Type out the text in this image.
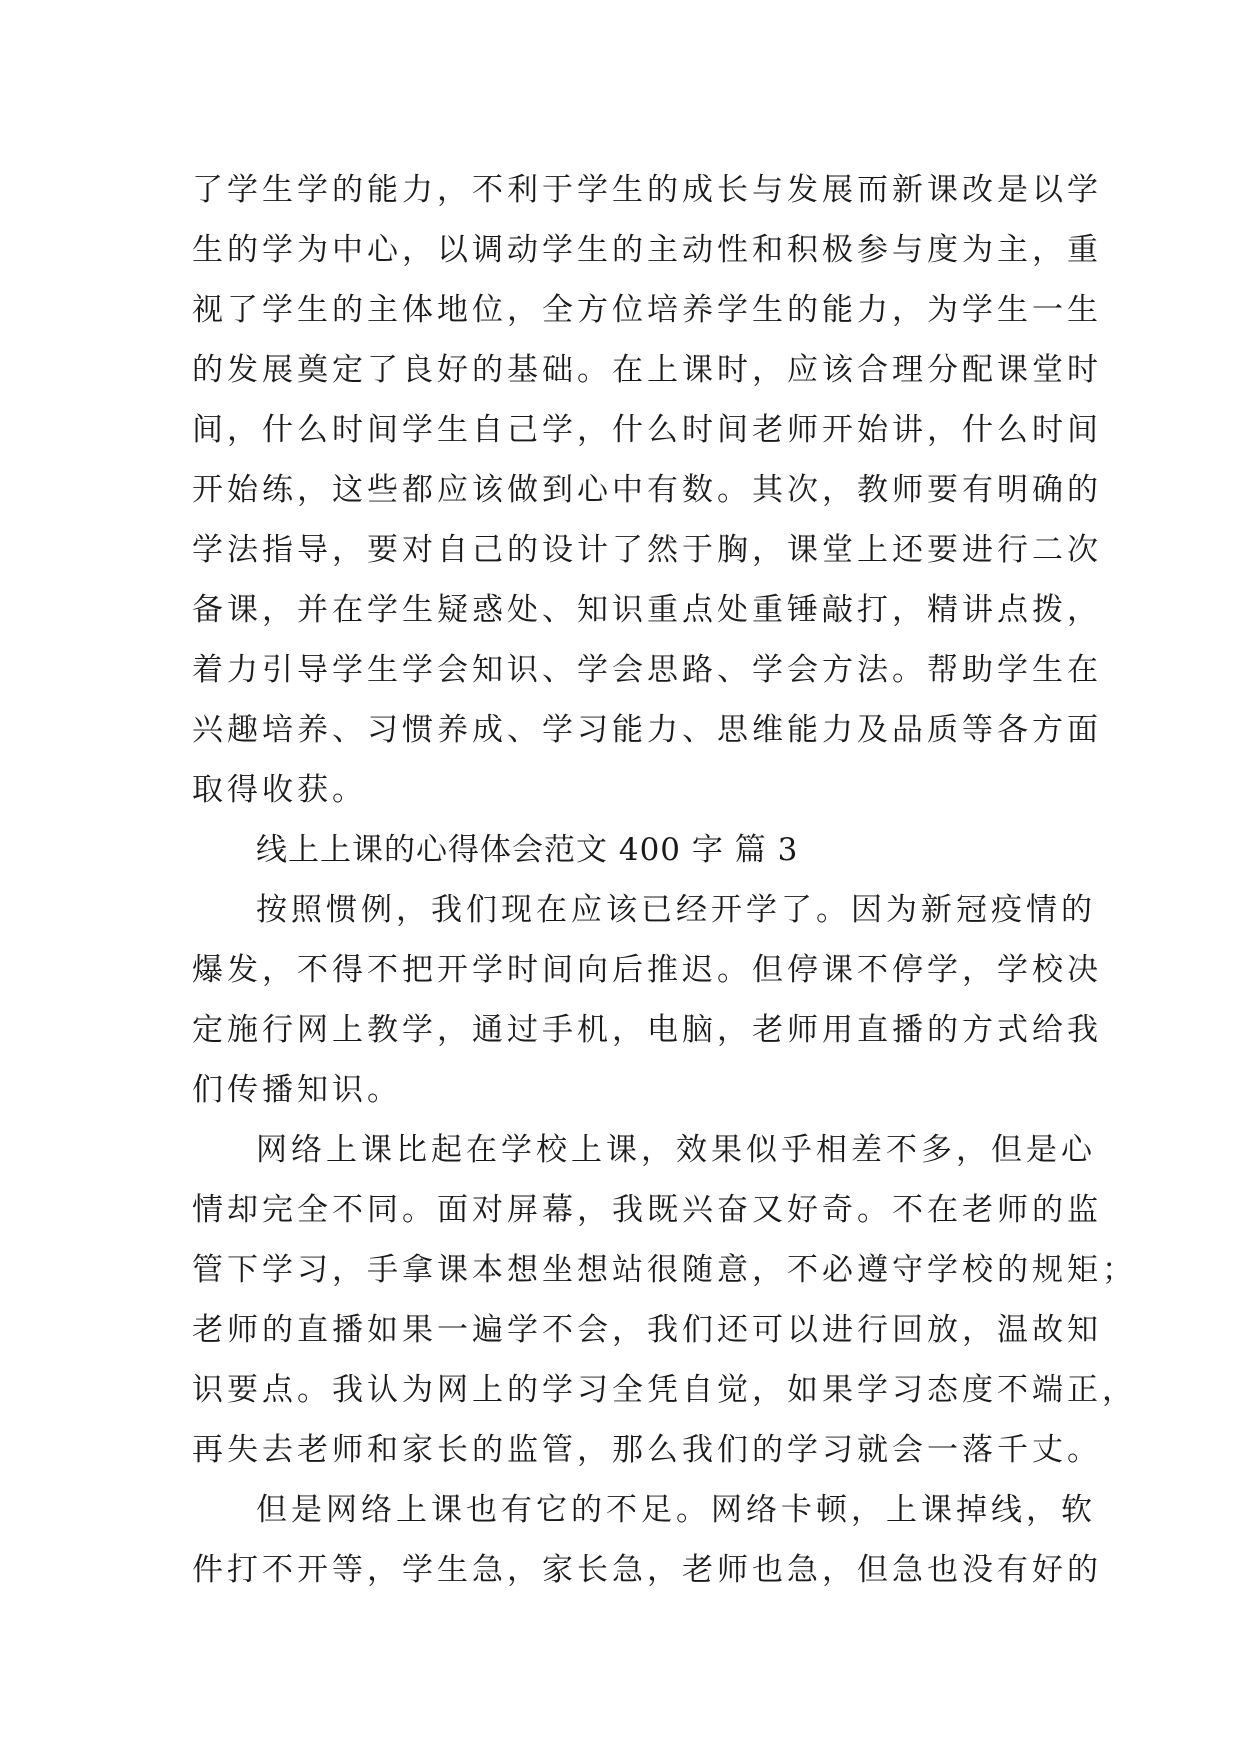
了学生学的能力，不利于学生的成长与发展而新课改是以学
生的学为中心，以调动学生的主动性和积极参与度为主，重
视了学生的主体地位，全方位培养学生的能力，为学生一生
的发展奠定了良好的基础。在上课时，应该合理分配课堂时
间，什么时间学生自己学，什么时间老师开始讲，什么时间
开始练，这些都应该做到心中有数。其次，教师要有明确的
学法指导，要对自己的设计了然于胸，课堂上还要进行二次
备课，并在学生疑惑处、知识重点处重锤敲打，精讲点拨，
着力引导学生学会知识、学会思路、学会方法。帮助学生在
兴趣培养、习惯养成、学习能力、思维能力及品质等各方面
取得收获。
线上上课的心得体会范文 400 字 篇 3
按照惯例，我们现在应该已经开学了。因为新冠疫情的
爆发，不得不把开学时间向后推迟。但停课不停学，学校决
定施行网上教学，通过手机，电脑，老师用直播的方式给我
们传播知识。
网络上课比起在学校上课，效果似乎相差不多，但是心
情却完全不同。面对屏幕，我既兴奋又好奇。不在老师的监
管下学习，手拿课本想坐想站很随意，不必遵守学校的规矩；
老师的直播如果一遍学不会，我们还可以进行回放，温故知
识要点。我认为网上的学习全凭自觉，如果学习态度不端正，
再失去老师和家长的监管，那么我们的学习就会一落千丈。
但是网络上课也有它的不足。网络卡顿，上课掉线，软
件打不开等，学生急，家长急，老师也急，但急也没有好的
